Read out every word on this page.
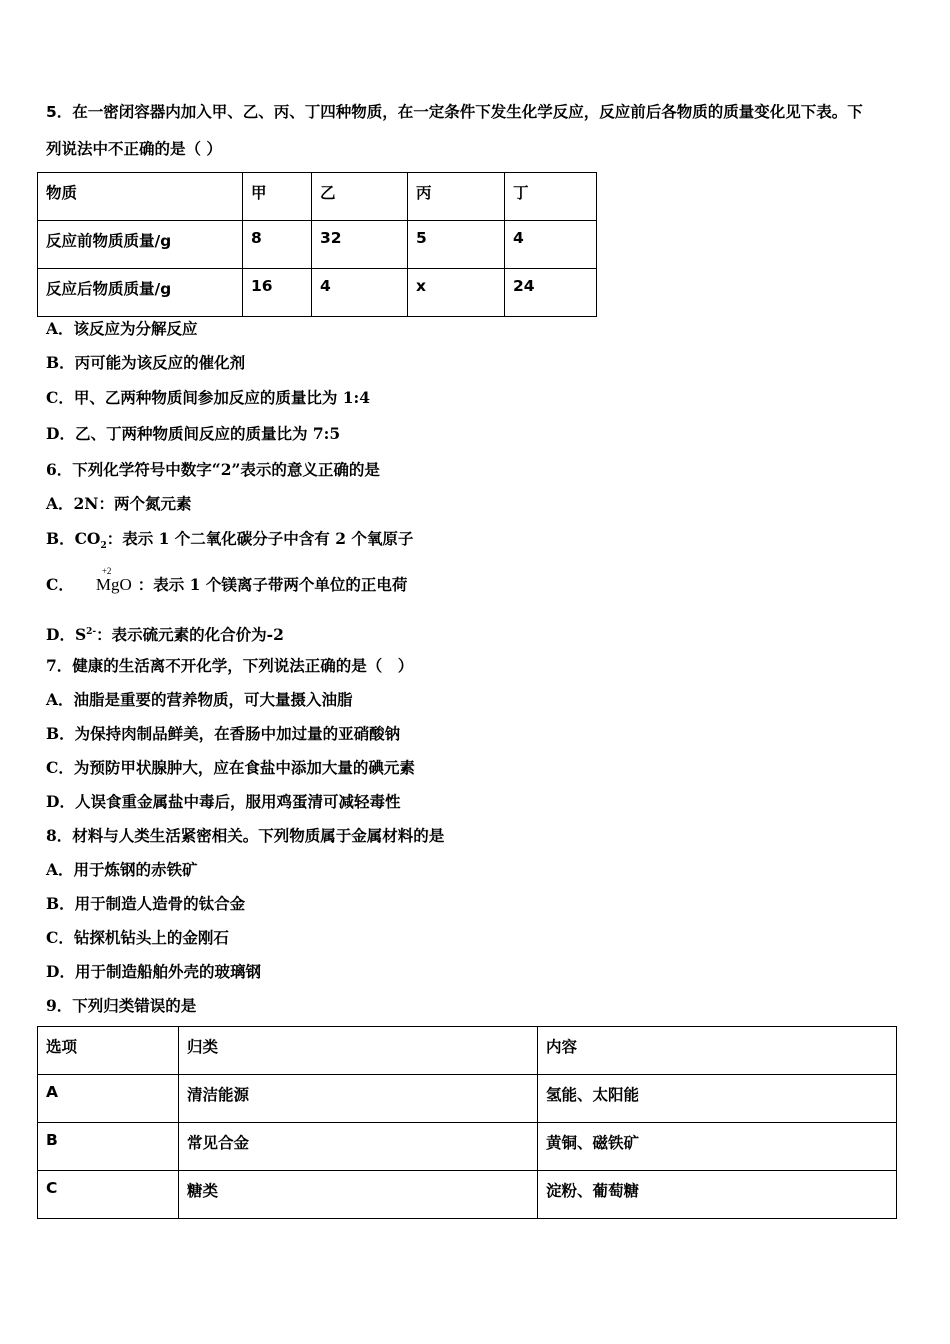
5．在一密闭容器内加入甲、乙、丙、丁四种物质，在一定条件下发生化学反应，反应前后各物质的质量变化见下表。下
列说法中不正确的是（ ）
物质	甲	乙	丙	丁
反应前物质质量/g	8	32	5	4
反应后物质质量/g	16	4	x	24
A．该反应为分解反应
B．丙可能为该反应的催化剂
C．甲、乙两种物质间参加反应的质量比为 1:4
D．乙、丁两种物质间反应的质量比为 7:5
6．下列化学符号中数字“2”表示的意义正确的是
A．2N：两个氮元素
B．$CO_2$：表示 1 个二氧化碳分子中含有 2 个氧原子
C．
+2
MgO ：表示 1 个镁离子带两个单位的正电荷
D．$S^{2-}$：表示硫元素的化合价为-2
7．健康的生活离不开化学，下列说法正确的是（　）
A．油脂是重要的营养物质，可大量摄入油脂
B．为保持肉制品鲜美，在香肠中加过量的亚硝酸钠
C．为预防甲状腺肿大，应在食盐中添加大量的碘元素
D．人误食重金属盐中毒后，服用鸡蛋清可减轻毒性
8．材料与人类生活紧密相关。下列物质属于金属材料的是
A．用于炼钢的赤铁矿
B．用于制造人造骨的钛合金
C．钻探机钻头上的金刚石
D．用于制造船舶外壳的玻璃钢
9．下列归类错误的是
选项	归类	内容
A	清洁能源	氢能、太阳能
B	常见合金	黄铜、磁铁矿
C	糖类	淀粉、葡萄糖
